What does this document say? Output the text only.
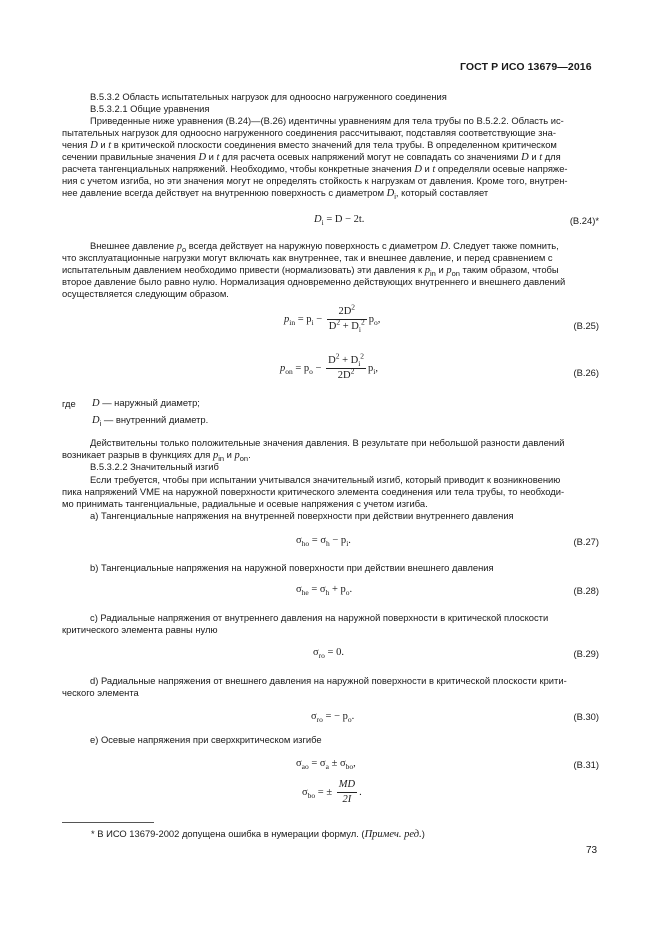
ГОСТ Р ИСО 13679—2016
В.5.3.2 Область испытательных нагрузок для одноосно нагруженного соединения
В.5.3.2.1 Общие уравнения
Приведенные ниже уравнения (В.24)—(В.26) идентичны уравнениям для тела трубы по В.5.2.2. Область ис-
пытательных нагрузок для одноосно нагруженного соединения рассчитывают, подставляя соответствующие зна-
чения D и t в критической плоскости соединения вместо значений для тела трубы. В определенном критическом
сечении правильные значения D и t для расчета осевых напряжений могут не совпадать со значениями D и t для
расчета тангенциальных напряжений. Необходимо, чтобы конкретные значения D и t определяли осевые напряже-
ния с учетом изгиба, но эти значения могут не определять стойкость к нагрузкам от давления. Кроме того, внутрен-
нее давление всегда действует на внутреннюю поверхность с диаметром $D_i$, который составляет
$D_i = D - 2t$.	(В.24)*
Внешнее давление $p_o$ всегда действует на наружную поверхность с диаметром D. Следует также помнить,
что эксплуатационные нагрузки могут включать как внутреннее, так и внешнее давление, и перед сравнением с
испытательным давлением необходимо привести (нормализовать) эти давления к $p_{in}$ и $p_{on}$ таким образом, чтобы
второе давление было равно нулю. Нормализация одновременно действующих внутреннего и внешнего давлений
осуществляется следующим образом.
$p_{in} = p_i - \frac{2D^2}{D^2 + D_i^2} p_o$,
(В.25)
$p_{on} = p_o - \frac{D^2 + D_i^2}{2D^2} p_i$,	(В.26)
где D — наружный диаметр;
$D_i$ — внутренний диаметр.
Действительны только положительные значения давления. В результате при небольшой разности давлений
возникает разрыв в функциях для $p_{in}$ и $p_{on}$.
В.5.3.2.2 Значительный изгиб
Если требуется, чтобы при испытании учитывался значительный изгиб, который приводит к возникновению
пика напряжений VME на наружной поверхности критического элемента соединения или тела трубы, то необходи-
мо принимать тангенциальные, радиальные и осевые напряжения с учетом изгиба.
a) Тангенциальные напряжения на внутренней поверхности при действии внутреннего давления
$\sigma_{ho} = \sigma_h - p_i$.	(В.27)
b) Тангенциальные напряжения на наружной поверхности при действии внешнего давления
$\sigma_{he} = \sigma_h + p_o$.	(В.28)
c) Радиальные напряжения от внутреннего давления на наружной поверхности в критической плоскости
критического элемента равны нулю
$\sigma_{ro} = 0$.	(В.29)
d) Радиальные напряжения от внешнего давления на наружной поверхности в критической плоскости крити-
ческого элемента
$\sigma_{ro}$ = − $p_o$.	(В.30)
e) Осевые напряжения при сверхкритическом изгибе
$\sigma_{ao} = \sigma_a \pm \sigma_{bo}$,	(В.31)
$\sigma_{bo}$ = ± $\frac{MD}{2I}$ .
* В ИСО 13679-2002 допущена ошибка в нумерации формул. (Примеч. ред.)
73
